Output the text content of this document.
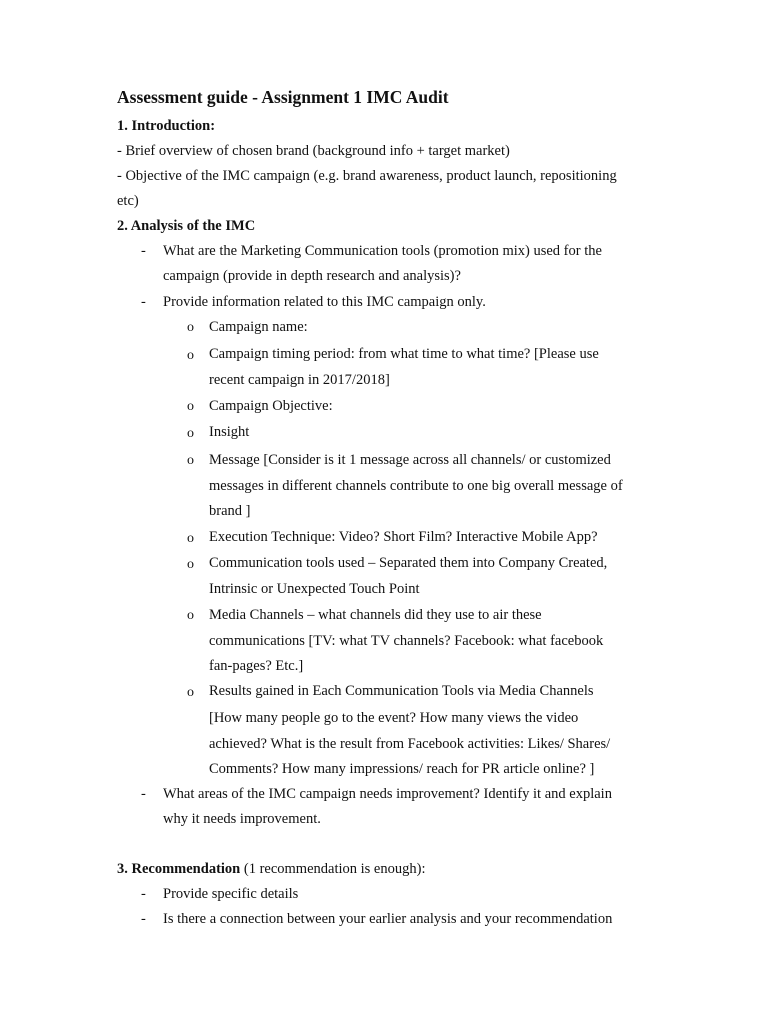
Assessment guide - Assignment 1 IMC Audit
1. Introduction:
- Brief overview of chosen brand (background info + target market)
- Objective of the IMC campaign (e.g. brand awareness, product launch, repositioning
etc)
2. Analysis of the IMC
- What are the Marketing Communication tools (promotion mix) used for the
campaign (provide in depth research and analysis)?
- Provide information related to this IMC campaign only.
o Campaign name:
o Campaign timing period: from what time to what time? [Please use
recent campaign in 2017/2018]
o Campaign Objective:
o Insight
o Message [Consider is it 1 message across all channels/ or customized
messages in different channels contribute to one big overall message of
brand ]
o Execution Technique: Video? Short Film? Interactive Mobile App?
o Communication tools used – Separated them into Company Created,
Intrinsic or Unexpected Touch Point
o Media Channels – what channels did they use to air these
communications [TV: what TV channels? Facebook: what facebook
fan-pages? Etc.]
o Results gained in Each Communication Tools via Media Channels
[How many people go to the event? How many views the video
achieved? What is the result from Facebook activities: Likes/ Shares/
Comments? How many impressions/ reach for PR article online? ]
- What areas of the IMC campaign needs improvement? Identify it and explain
why it needs improvement.
3. Recommendation (1 recommendation is enough):
- Provide specific details
- Is there a connection between your earlier analysis and your recommendation
